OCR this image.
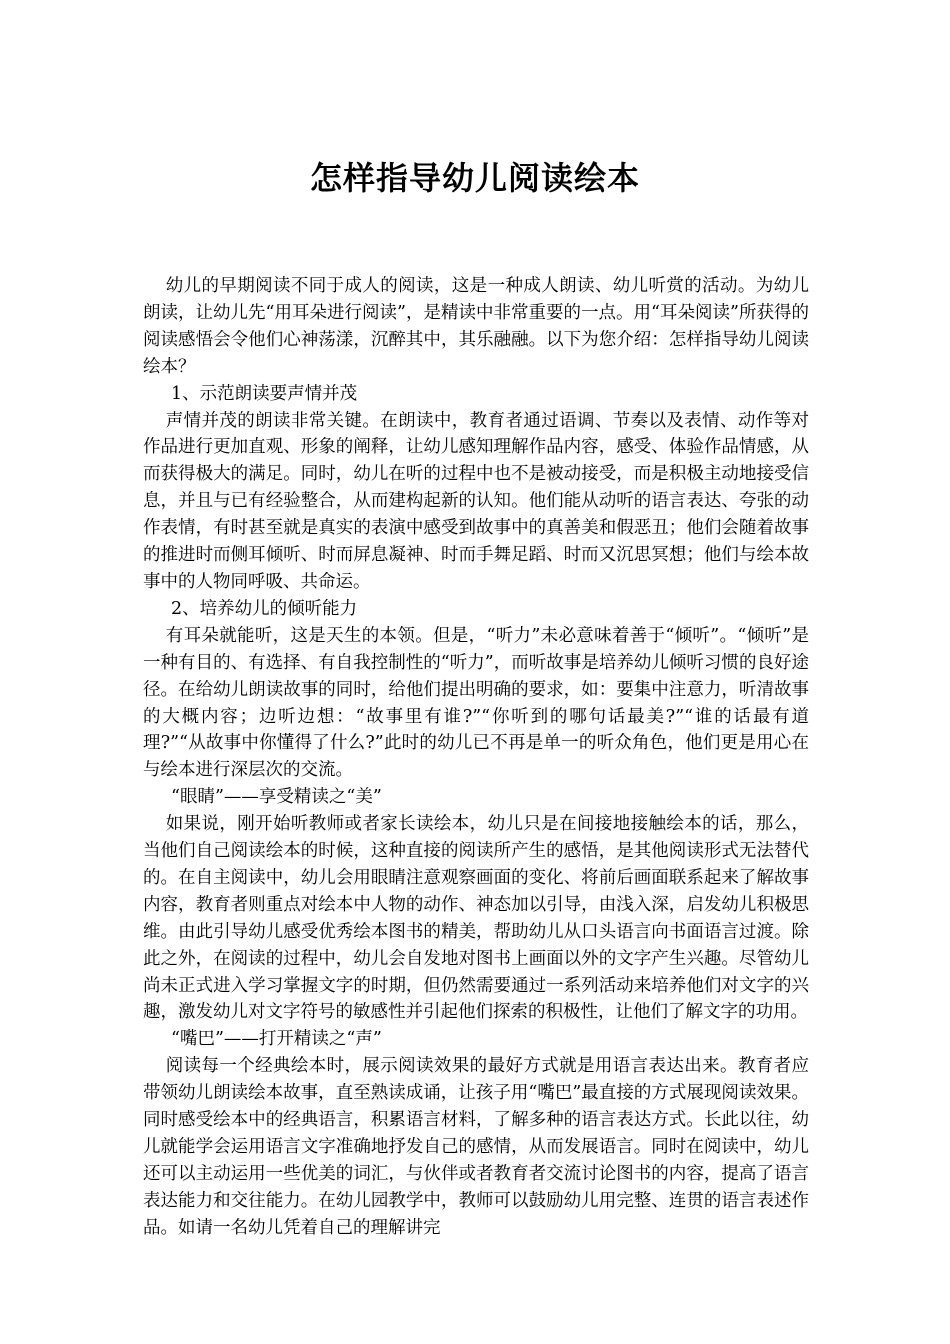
怎样指导幼儿阅读绘本

幼儿的早期阅读不同于成人的阅读，这是一种成人朗读、幼儿听赏的活动。为幼儿朗读，让幼儿先“用耳朵进行阅读”，是精读中非常重要的一点。用“耳朵阅读”所获得的阅读感悟会令他们心神荡漾，沉醉其中，其乐融融。以下为您介绍：怎样指导幼儿阅读绘本？

1、示范朗读要声情并茂

声情并茂的朗读非常关键。在朗读中，教育者通过语调、节奏以及表情、动作等对作品进行更加直观、形象的阐释，让幼儿感知理解作品内容，感受、体验作品情感，从而获得极大的满足。同时，幼儿在听的过程中也不是被动接受，而是积极主动地接受信息，并且与已有经验整合，从而建构起新的认知。他们能从动听的语言表达、夸张的动作表情，有时甚至就是真实的表演中感受到故事中的真善美和假恶丑；他们会随着故事的推进时而侧耳倾听、时而屏息凝神、时而手舞足蹈、时而又沉思冥想；他们与绘本故事中的人物同呼吸、共命运。

2、培养幼儿的倾听能力

有耳朵就能听，这是天生的本领。但是，“听力”未必意味着善于“倾听”。“倾听”是一种有目的、有选择、有自我控制性的“听力”，而听故事是培养幼儿倾听习惯的良好途径。在给幼儿朗读故事的同时，给他们提出明确的要求，如：要集中注意力，听清故事的大概内容；边听边想：“故事里有谁?”“你听到的哪句话最美?”“谁的话最有道理?”“从故事中你懂得了什么?”此时的幼儿已不再是单一的听众角色，他们更是用心在与绘本进行深层次的交流。

“眼睛”——享受精读之“美”

如果说，刚开始听教师或者家长读绘本，幼儿只是在间接地接触绘本的话，那么，当他们自己阅读绘本的时候，这种直接的阅读所产生的感悟，是其他阅读形式无法替代的。在自主阅读中，幼儿会用眼睛注意观察画面的变化、将前后画面联系起来了解故事内容，教育者则重点对绘本中人物的动作、神态加以引导，由浅入深，启发幼儿积极思维。由此引导幼儿感受优秀绘本图书的精美，帮助幼儿从口头语言向书面语言过渡。除此之外，在阅读的过程中，幼儿会自发地对图书上画面以外的文字产生兴趣。尽管幼儿尚未正式进入学习掌握文字的时期，但仍然需要通过一系列活动来培养他们对文字的兴趣，激发幼儿对文字符号的敏感性并引起他们探索的积极性，让他们了解文字的功用。

“嘴巴”——打开精读之“声”

阅读每一个经典绘本时，展示阅读效果的最好方式就是用语言表达出来。教育者应带领幼儿朗读绘本故事，直至熟读成诵，让孩子用“嘴巴”最直接的方式展现阅读效果。同时感受绘本中的经典语言，积累语言材料，了解多种的语言表达方式。长此以往，幼儿就能学会运用语言文字准确地抒发自己的感情，从而发展语言。同时在阅读中，幼儿还可以主动运用一些优美的词汇，与伙伴或者教育者交流讨论图书的内容，提高了语言表达能力和交往能力。在幼儿园教学中，教师可以鼓励幼儿用完整、连贯的语言表述作品。如请一名幼儿凭着自己的理解讲完
